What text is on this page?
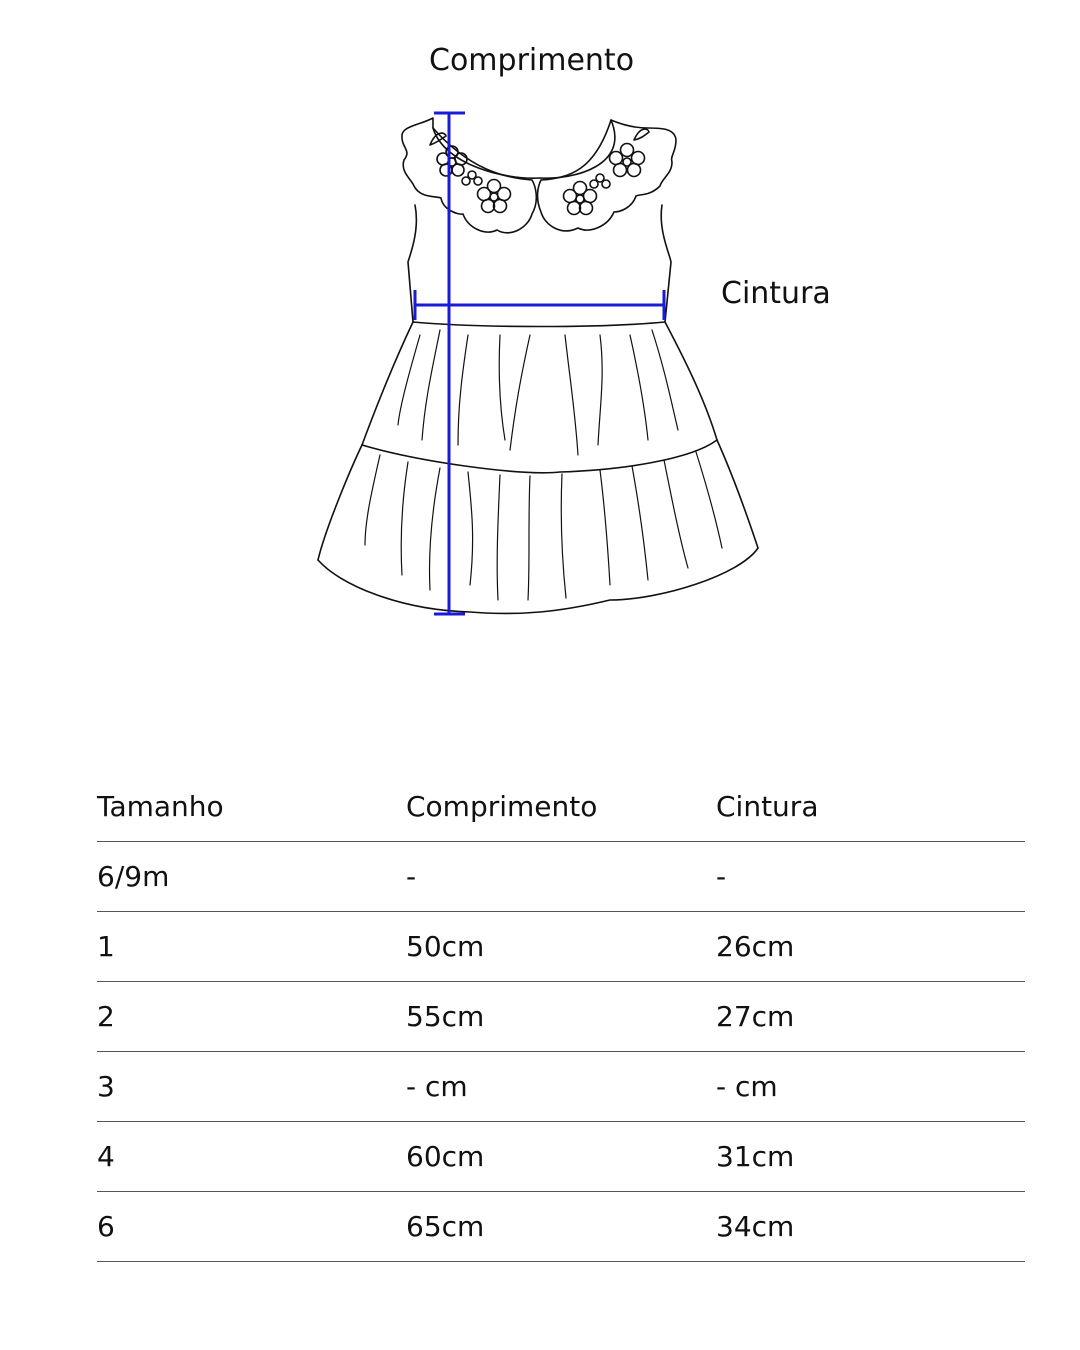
Comprimento
Cintura
Tamanho	Comprimento	Cintura
6/9m	-	-
1	50cm	26cm
2	55cm	27cm
3	- cm	- cm
4	60cm	31cm
6	65cm	34cm
